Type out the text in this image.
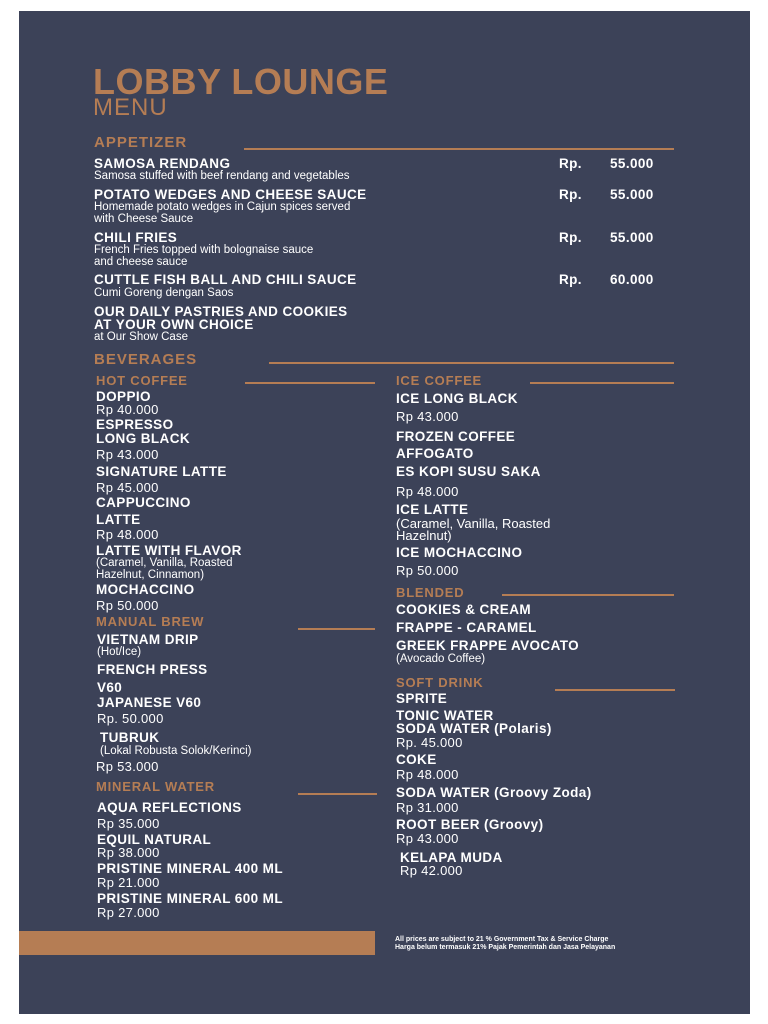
LOBBY LOUNGE
MENU
APPETIZER
SAMOSA RENDANG
Samosa stuffed with beef rendang and vegetables
Rp. 55.000
POTATO WEDGES AND CHEESE SAUCE
Homemade potato wedges in Cajun spices served
with Cheese Sauce
Rp. 55.000
CHILI FRIES
French Fries topped with bolognaise sauce
and cheese sauce
Rp. 55.000
CUTTLE FISH BALL AND CHILI SAUCE
Cumi Goreng dengan Saos
Rp. 60.000
OUR DAILY PASTRIES AND COOKIES
AT YOUR OWN CHOICE
at Our Show Case
BEVERAGES
HOT COFFEE
DOPPIO
Rp 40.000
ESPRESSO
LONG BLACK
Rp 43.000
SIGNATURE LATTE
Rp 45.000
CAPPUCCINO
LATTE
Rp 48.000
LATTE WITH FLAVOR
(Caramel, Vanilla, Roasted
Hazelnut, Cinnamon)
MOCHACCINO
Rp 50.000
MANUAL BREW
VIETNAM DRIP
(Hot/Ice)
FRENCH PRESS
V60
JAPANESE V60
Rp. 50.000
TUBRUK
(Lokal Robusta Solok/Kerinci)
Rp 53.000
MINERAL WATER
AQUA REFLECTIONS
Rp 35.000
EQUIL NATURAL
Rp 38.000
PRISTINE MINERAL 400 ML
Rp 21.000
PRISTINE MINERAL 600 ML
Rp 27.000
ICE COFFEE
ICE LONG BLACK
Rp 43.000
FROZEN COFFEE
AFFOGATO
ES KOPI SUSU SAKA
Rp 48.000
ICE LATTE
(Caramel, Vanilla, Roasted
Hazelnut)
ICE MOCHACCINO
Rp 50.000
BLENDED
COOKIES & CREAM
FRAPPE - CARAMEL
GREEK FRAPPE AVOCATO
(Avocado Coffee)
SOFT DRINK
SPRITE
TONIC WATER
SODA WATER (Polaris)
Rp. 45.000
COKE
Rp 48.000
SODA WATER (Groovy Zoda)
Rp 31.000
ROOT BEER (Groovy)
Rp 43.000
KELAPA MUDA
Rp 42.000
All prices are subject to 21 % Government Tax & Service Charge
Harga belum termasuk 21% Pajak Pemerintah dan Jasa Pelayanan
